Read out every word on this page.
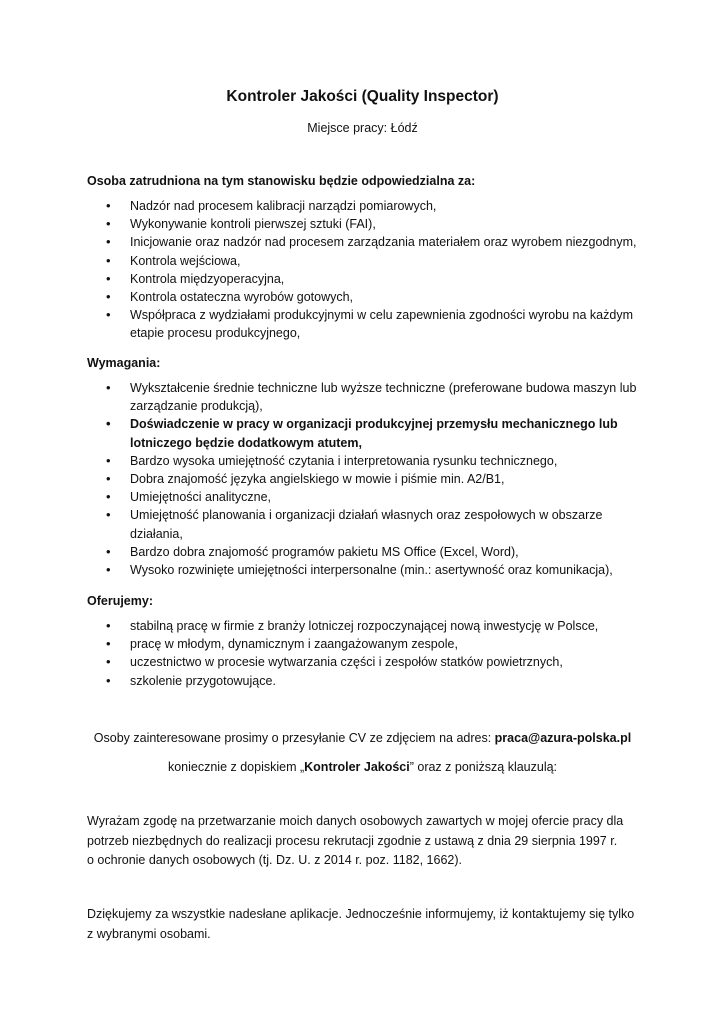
Kontroler Jakości (Quality Inspector)
Miejsce pracy: Łódź

Osoba zatrudniona na tym stanowisku będzie odpowiedzialna za:

• Nadzór nad procesem kalibracji narządzi pomiarowych,
• Wykonywanie kontroli pierwszej sztuki (FAI),
• Inicjowanie oraz nadzór nad procesem zarządzania materiałem oraz wyrobem niezgodnym,
• Kontrola wejściowa,
• Kontrola międzyoperacyjna,
• Kontrola ostateczna wyrobów gotowych,
• Współpraca z wydziałami produkcyjnymi w celu zapewnienia zgodności wyrobu na każdym etapie procesu produkcyjnego,

Wymagania:

• Wykształcenie średnie techniczne lub wyższe techniczne (preferowane budowa maszyn lub zarządzanie produkcją),
• Doświadczenie w pracy w organizacji produkcyjnej przemysłu mechanicznego lub lotniczego będzie dodatkowym atutem,
• Bardzo wysoka umiejętność czytania i interpretowania rysunku technicznego,
• Dobra znajomość języka angielskiego w mowie i piśmie min. A2/B1,
• Umiejętności analityczne,
• Umiejętność planowania i organizacji działań własnych oraz zespołowych w obszarze działania,
• Bardzo dobra znajomość programów pakietu MS Office (Excel, Word),
• Wysoko rozwinięte umiejętności interpersonalne (min.: asertywność oraz komunikacja),

Oferujemy:

• stabilną pracę w firmie z branży lotniczej rozpoczynającej nową inwestycję w Polsce,
• pracę w młodym, dynamicznym i zaangażowanym zespole,
• uczestnictwo w procesie wytwarzania części i zespołów statków powietrznych,
• szkolenie przygotowujące.
Osoby zainteresowane prosimy o przesyłanie CV ze zdjęciem na adres: praca@azura-polska.pl
koniecznie z dopiskiem „Kontroler Jakości” oraz z poniższą klauzulą:

Wyrażam zgodę na przetwarzanie moich danych osobowych zawartych w mojej ofercie pracy dla

potrzeb niezbędnych do realizacji procesu rekrutacji zgodnie z ustawą z dnia 29 sierpnia 1997 r.

o ochronie danych osobowych (tj. Dz. U. z 2014 r. poz. 1182, 1662).

Dziękujemy za wszystkie nadesłane aplikacje. Jednocześnie informujemy, iż kontaktujemy się tylko

z wybranymi osobami.
